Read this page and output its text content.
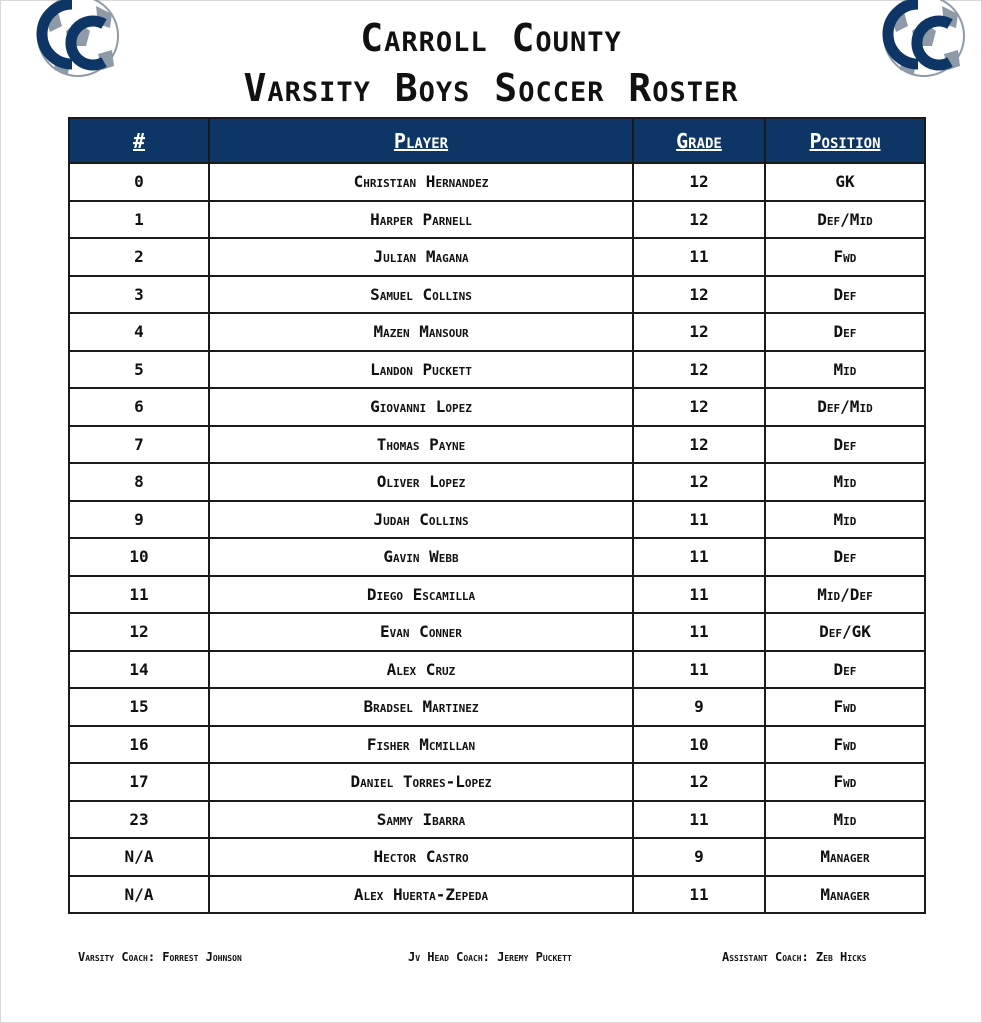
Carroll County
Varsity Boys Soccer Roster
#	Player	Grade	Position
0	Christian Hernandez	12	GK
1	Harper Parnell	12	Def/Mid
2	Julian Magana	11	Fwd
3	Samuel Collins	12	Def
4	Mazen Mansour	12	Def
5	Landon Puckett	12	Mid
6	Giovanni Lopez	12	Def/Mid
7	Thomas Payne	12	Def
8	Oliver Lopez	12	Mid
9	Judah Collins	11	Mid
10	Gavin Webb	11	Def
11	Diego Escamilla	11	Mid/Def
12	Evan Conner	11	Def/GK
14	Alex Cruz	11	Def
15	Bradsel Martinez	9	Fwd
16	Fisher Mcmillan	10	Fwd
17	Daniel Torres-Lopez	12	Fwd
23	Sammy Ibarra	11	Mid
N/A	Hector Castro	9	Manager
N/A	Alex Huerta-Zepeda	11	Manager
Varsity Coach: Forrest Johnson	Jv Head Coach: Jeremy Puckett	Assistant Coach: Zeb Hicks
